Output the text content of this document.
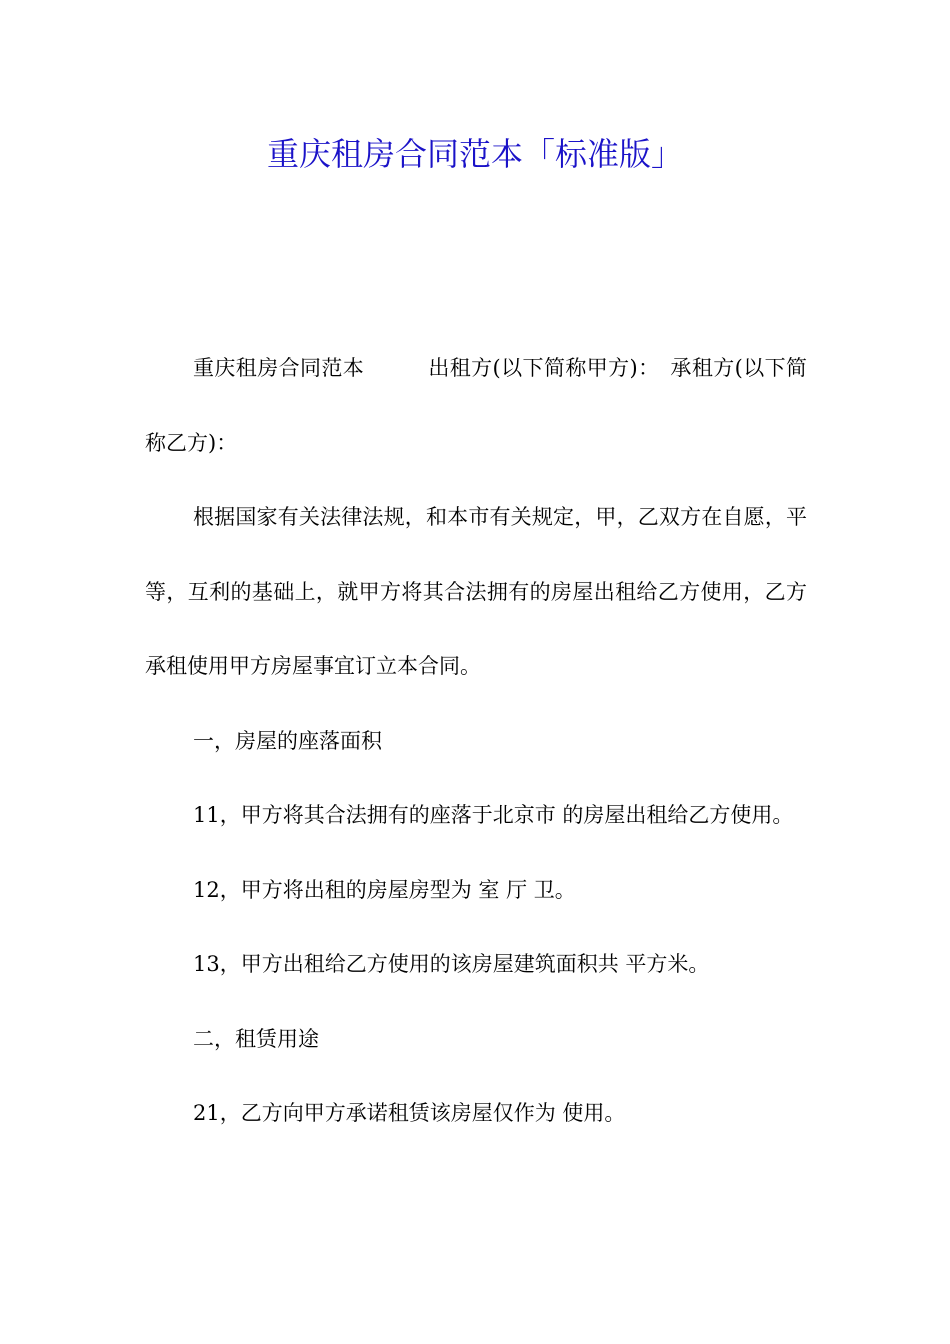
重庆租房合同范本「标准版」

重庆租房合同范本　　　出租方(以下简称甲方)：　承租方(以下简称乙方)：

根据国家有关法律法规，和本市有关规定，甲，乙双方在自愿，平等，互利的基础上，就甲方将其合法拥有的房屋出租给乙方使用，乙方承租使用甲方房屋事宜订立本合同。

一，房屋的座落面积

11，甲方将其合法拥有的座落于北京市 的房屋出租给乙方使用。

12，甲方将出租的房屋房型为 室 厅 卫。

13，甲方出租给乙方使用的该房屋建筑面积共 平方米。

二，租赁用途

21，乙方向甲方承诺租赁该房屋仅作为 使用。
